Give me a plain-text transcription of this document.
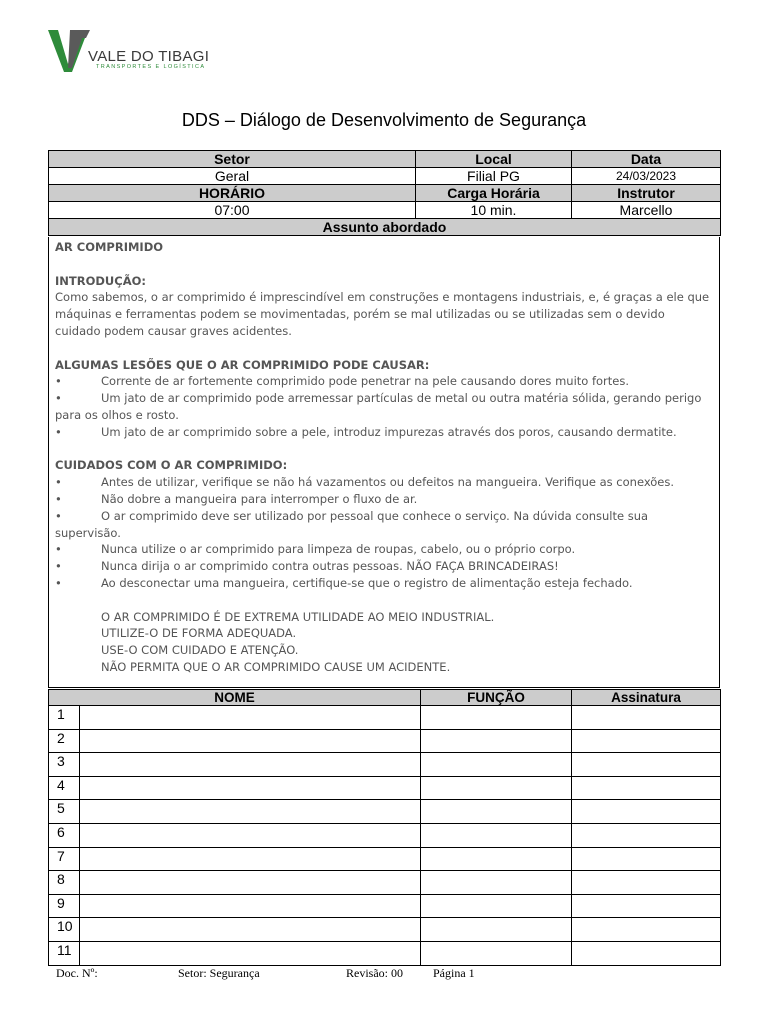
VALE DO TIBAGI
TRANSPORTES E LOGÍSTICA
DDS – Diálogo de Desenvolvimento de Segurança
Setor	Local	Data
Geral	Filial PG	24/03/2023
HORÁRIO	Carga Horária	Instrutor
07:00	10 min.	Marcello
Assunto abordado		

AR COMPRIMIDO

INTRODUÇÃO:

Como sabemos, o ar comprimido é imprescindível em construções e montagens industriais, e, é graças a ele que máquinas e ferramentas podem se movimentadas, porém se mal utilizadas ou se utilizadas sem o devido cuidado podem causar graves acidentes.

ALGUMAS LESÕES QUE O AR COMPRIMIDO PODE CAUSAR:

•	Corrente de ar fortemente comprimido pode penetrar na pele causando dores muito fortes.
•	Um jato de ar comprimido pode arremessar partículas de metal ou outra matéria sólida, gerando perigo para os olhos e rosto.
•	Um jato de ar comprimido sobre a pele, introduz impurezas através dos poros, causando dermatite.

CUIDADOS COM O AR COMPRIMIDO:

•	Antes de utilizar, verifique se não há vazamentos ou defeitos na mangueira. Verifique as conexões.
•	Não dobre a mangueira para interromper o fluxo de ar.
•	O ar comprimido deve ser utilizado por pessoal que conhece o serviço. Na dúvida consulte sua supervisão.
•	Nunca utilize o ar comprimido para limpeza de roupas, cabelo, ou o próprio corpo.
•	Nunca dirija o ar comprimido contra outras pessoas. NÃO FAÇA BRINCADEIRAS!
•	Ao desconectar uma mangueira, certifique-se que o registro de alimentação esteja fechado.
O AR COMPRIMIDO É DE EXTREMA UTILIDADE AO MEIO INDUSTRIAL.
UTILIZE-O DE FORMA ADEQUADA.
USE-O COM CUIDADO E ATENÇÃO.
NÃO PERMITA QUE O AR COMPRIMIDO CAUSE UM ACIDENTE.
NOME		FUNÇÃO	Assinatura
1			
2			
3			
4			
5			
6			
7			
8			
9			
10			
11			
Doc. Nº:	Setor: Segurança	Revisão: 00	Página 1
